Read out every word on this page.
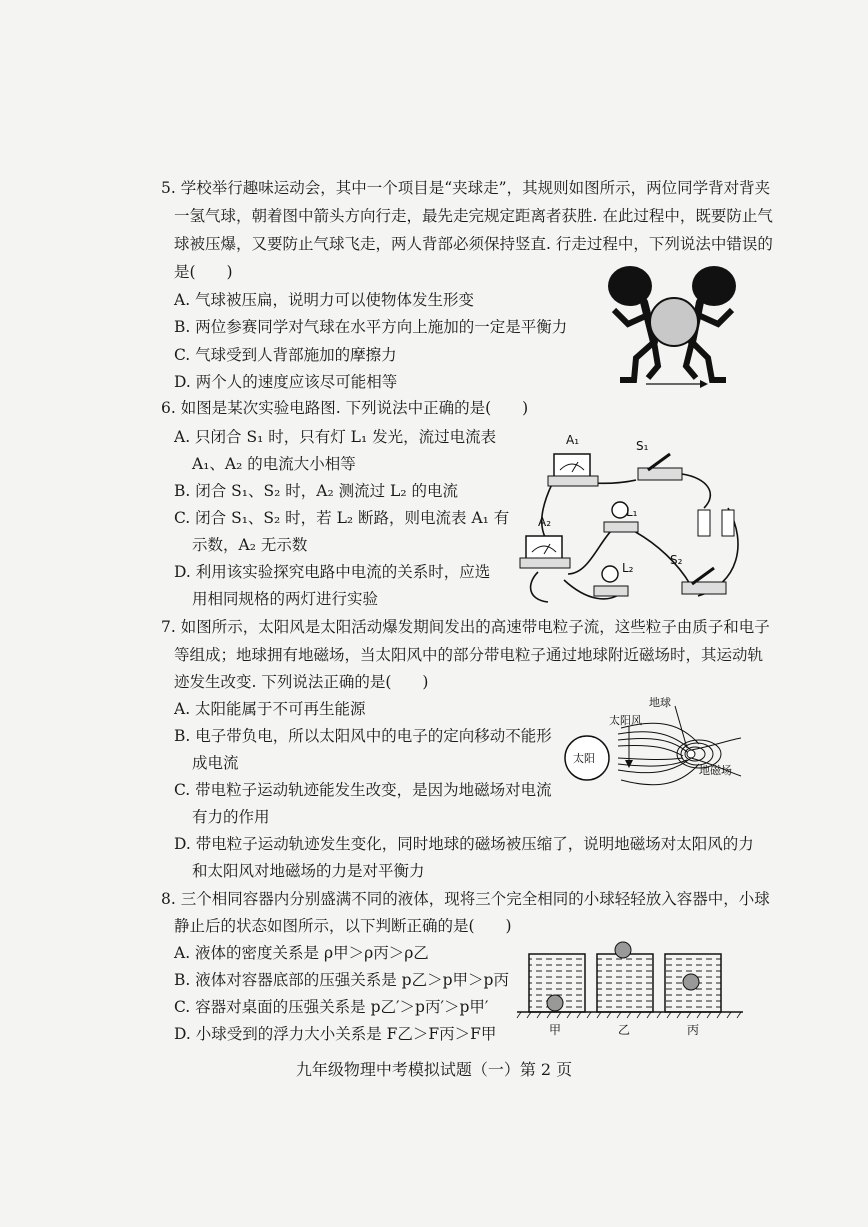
5. 学校举行趣味运动会，其中一个项目是“夹球走”，其规则如图所示，两位同学背对背夹
一氢气球，朝着图中箭头方向行走，最先走完规定距离者获胜. 在此过程中，既要防止气
球被压爆，又要防止气球飞走，两人背部必须保持竖直. 行走过程中，下列说法中错误的
是(　　)
A. 气球被压扁，说明力可以使物体发生形变
B. 两位参赛同学对气球在水平方向上施加的一定是平衡力
C. 气球受到人背部施加的摩擦力
D. 两个人的速度应该尽可能相等
6. 如图是某次实验电路图. 下列说法中正确的是(　　)
A. 只闭合 S₁ 时，只有灯 L₁ 发光，流过电流表
A₁、A₂ 的电流大小相等
B. 闭合 S₁、S₂ 时，A₂ 测流过 L₂ 的电流
C. 闭合 S₁、S₂ 时，若 L₂ 断路，则电流表 A₁ 有
示数，A₂ 无示数
D. 利用该实验探究电路中电流的关系时，应选
用相同规格的两灯进行实验
A₁	S₁
A₂
L₁
L₂
S₂
7. 如图所示，太阳风是太阳活动爆发期间发出的高速带电粒子流，这些粒子由质子和电子
等组成；地球拥有地磁场，当太阳风中的部分带电粒子通过地球附近磁场时，其运动轨
迹发生改变. 下列说法正确的是(　　)
A. 太阳能属于不可再生能源
B. 电子带负电，所以太阳风中的电子的定向移动不能形
成电流
C. 带电粒子运动轨迹能发生改变，是因为地磁场对电流
有力的作用
D. 带电粒子运动轨迹发生变化，同时地球的磁场被压缩了，说明地磁场对太阳风的力
和太阳风对地磁场的力是对平衡力
地球
太阳风
太阳
地磁场
8. 三个相同容器内分别盛满不同的液体，现将三个完全相同的小球轻轻放入容器中，小球
静止后的状态如图所示，以下判断正确的是(　　)
A. 液体的密度关系是 ρ甲＞ρ丙＞ρ乙
B. 液体对容器底部的压强关系是 p乙＞p甲＞p丙
C. 容器对桌面的压强关系是 p乙′＞p丙′＞p甲′
D. 小球受到的浮力大小关系是 F乙＞F丙＞F甲	甲	乙	丙
九年级物理中考模拟试题（一）第 2 页
